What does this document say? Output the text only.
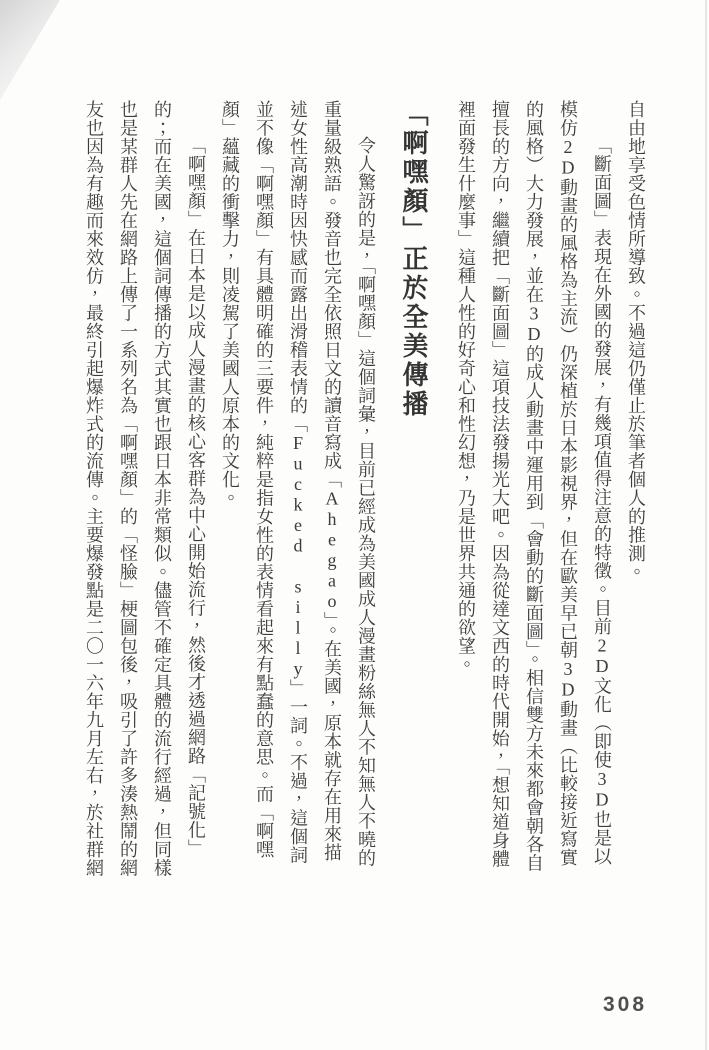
自由地享受色情所導致。不過這仍僅止於筆者個人的推測。

「斷面圖」表現在外國的發展，有幾項值得注意的特徵。目前2D文化（即使3D也是以模仿2D動畫的風格為主流）仍深植於日本影視界，但在歐美早已朝3D動畫（比較接近寫實的風格）大力發展，並在3D的成人動畫中運用到「會動的斷面圖」。相信雙方未來都會朝各自擅長的方向，繼續把「斷面圖」這項技法發揚光大吧。因為從達文西的時代開始，「想知道身體裡面發生什麼事」這種人性的好奇心和性幻想，乃是世界共通的欲望。

「啊嘿顏」正於全美傳播

令人驚訝的是，「啊嘿顏」這個詞彙，目前已經成為美國成人漫畫粉絲無人不知無人不曉的重量級熟語。發音也完全依照日文的讀音寫成「Ahegao」。在美國，原本就存在用來描述女性高潮時因快感而露出滑稽表情的「Fucked silly」一詞。不過，這個詞並不像「啊嘿顏」有具體明確的三要件，純粹是指女性的表情看起來有點蠢的意思。而「啊嘿顏」蘊藏的衝擊力，則凌駕了美國人原本的文化。

「啊嘿顏」在日本是以成人漫畫的核心客群為中心開始流行，然後才透過網路「記號化」的；而在美國，這個詞傳播的方式其實也跟日本非常類似。儘管不確定具體的流行經過，但同樣也是某群人先在網路上傳了一系列名為「啊嘿顏」的「怪臉」梗圖包後，吸引了許多湊熱鬧的網友也因為有趣而來效仿，最終引起爆炸式的流傳。主要爆發點是二〇一六年九月左右，於社群網

308
